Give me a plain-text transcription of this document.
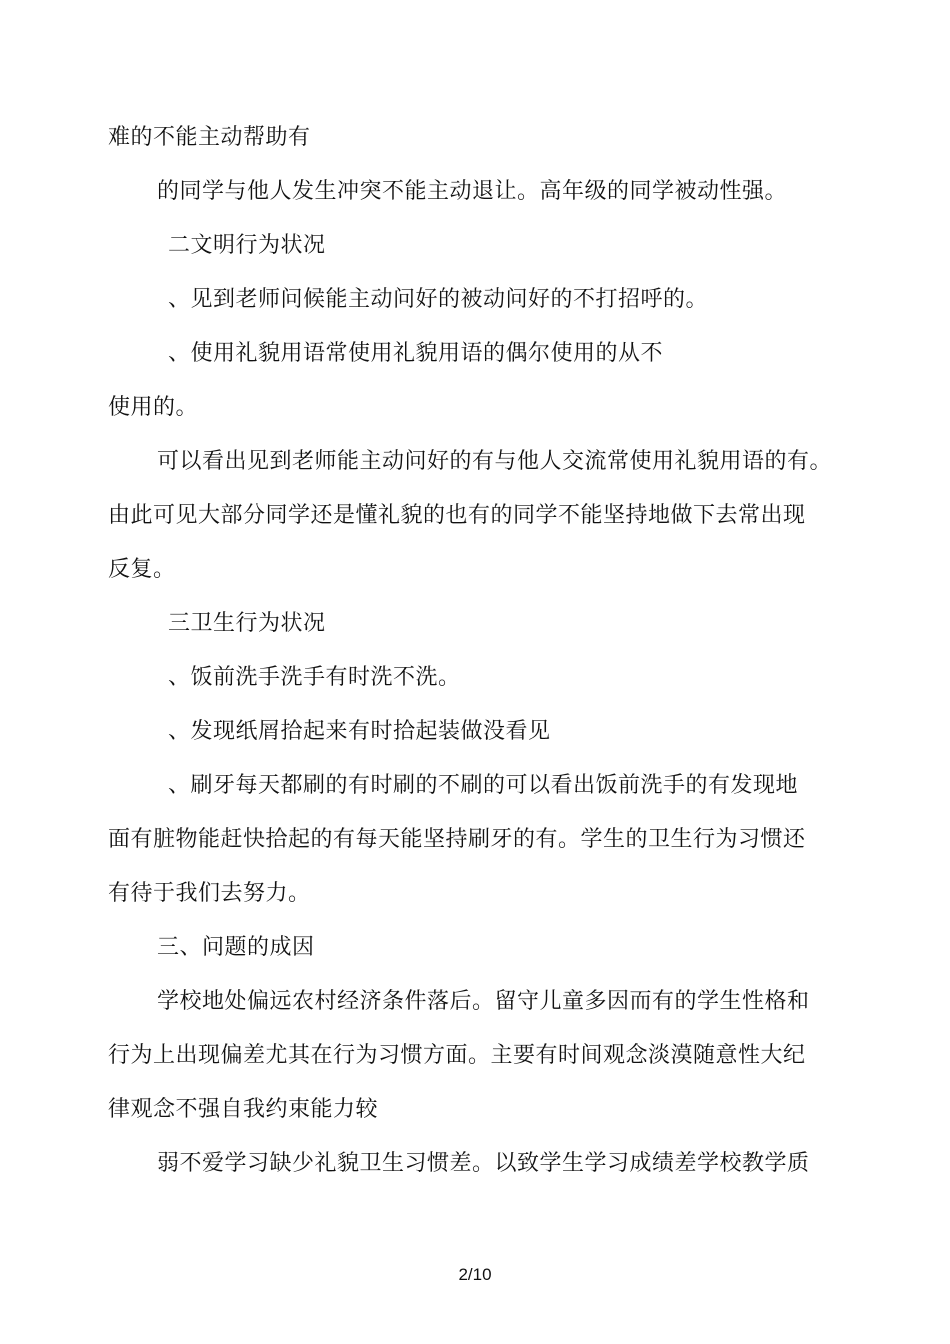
难的不能主动帮助有
的同学与他人发生冲突不能主动退让。高年级的同学被动性强。
二文明行为状况
、见到老师问候能主动问好的被动问好的不打招呼的。
、使用礼貌用语常使用礼貌用语的偶尔使用的从不
使用的。
可以看出见到老师能主动问好的有与他人交流常使用礼貌用语的有。
由此可见大部分同学还是懂礼貌的也有的同学不能坚持地做下去常出现
反复。
三卫生行为状况
、饭前洗手洗手有时洗不洗。
、发现纸屑拾起来有时拾起装做没看见
、刷牙每天都刷的有时刷的不刷的可以看出饭前洗手的有发现地
面有脏物能赶快拾起的有每天能坚持刷牙的有。学生的卫生行为习惯还
有待于我们去努力。
三、问题的成因
学校地处偏远农村经济条件落后。留守儿童多因而有的学生性格和
行为上出现偏差尤其在行为习惯方面。主要有时间观念淡漠随意性大纪
律观念不强自我约束能力较
弱不爱学习缺少礼貌卫生习惯差。以致学生学习成绩差学校教学质
2/10
